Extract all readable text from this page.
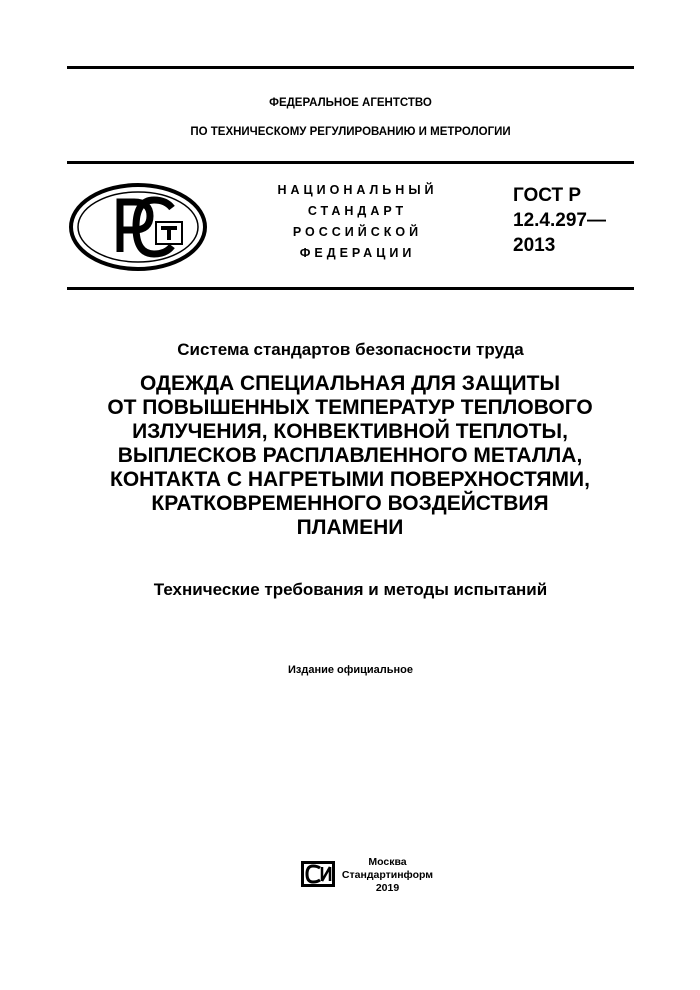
ФЕДЕРАЛЬНОЕ АГЕНТСТВО
ПО ТЕХНИЧЕСКОМУ РЕГУЛИРОВАНИЮ И МЕТРОЛОГИИ
НАЦИОНАЛЬНЫЙ
СТАНДАРТ
РОССИЙСКОЙ
ФЕДЕРАЦИИ
ГОСТ Р
12.4.297—
2013
Система стандартов безопасности труда
ОДЕЖДА СПЕЦИАЛЬНАЯ ДЛЯ ЗАЩИТЫ
ОТ ПОВЫШЕННЫХ ТЕМПЕРАТУР ТЕПЛОВОГО
ИЗЛУЧЕНИЯ, КОНВЕКТИВНОЙ ТЕПЛОТЫ,
ВЫПЛЕСКОВ РАСПЛАВЛЕННОГО МЕТАЛЛА,
КОНТАКТА С НАГРЕТЫМИ ПОВЕРХНОСТЯМИ,
КРАТКОВРЕМЕННОГО ВОЗДЕЙСТВИЯ
ПЛАМЕНИ
Технические требования и методы испытаний
Издание официальное
Москва
Стандартинформ
2019
